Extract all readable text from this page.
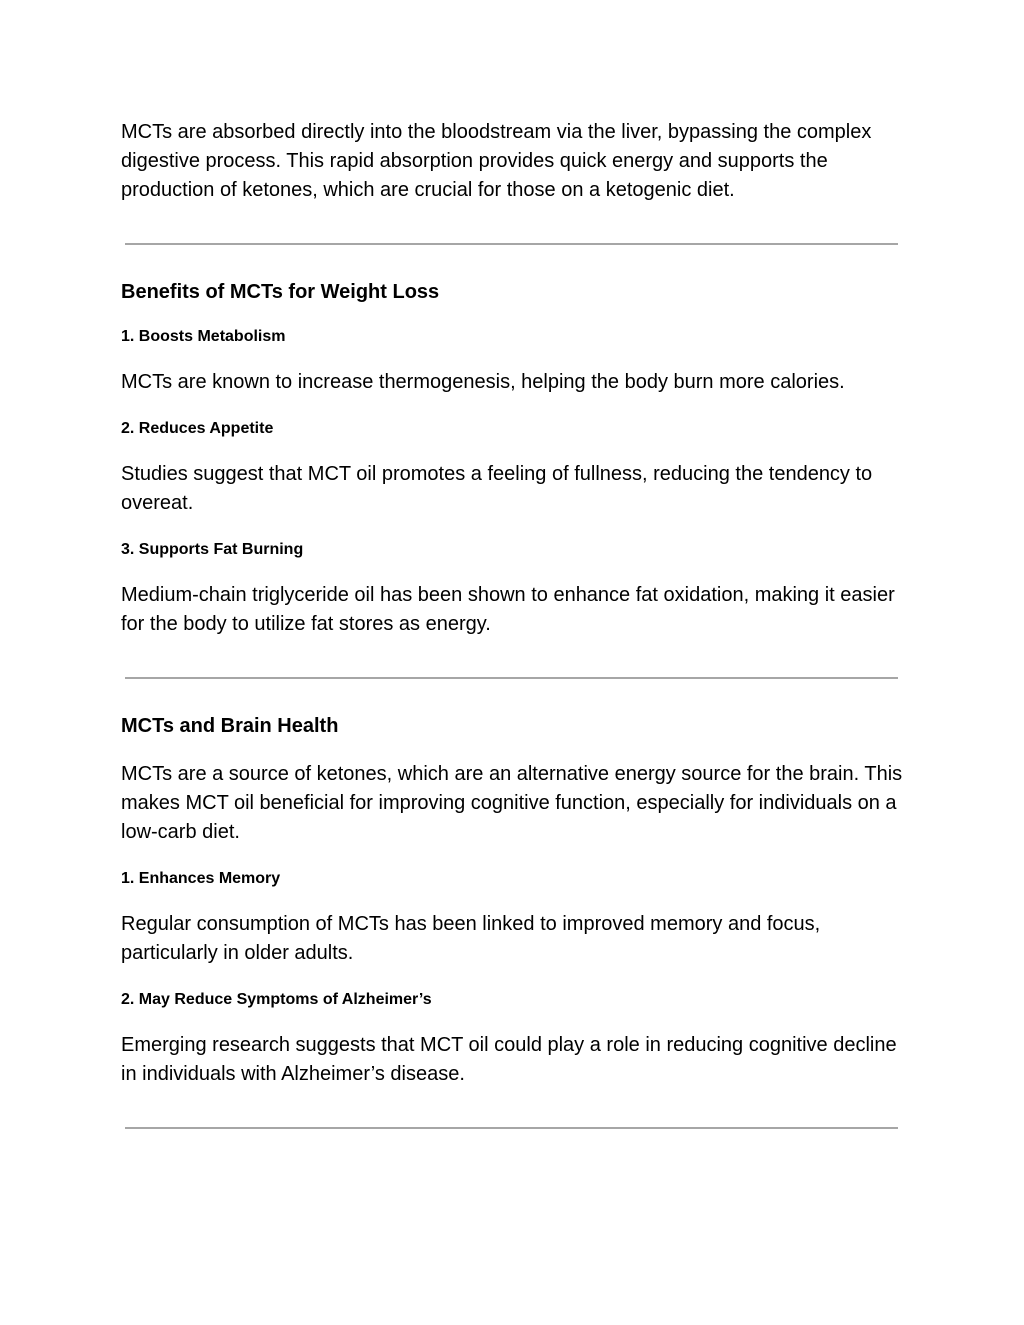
MCTs are absorbed directly into the bloodstream via the liver, bypassing the complex digestive process. This rapid absorption provides quick energy and supports the production of ketones, which are crucial for those on a ketogenic diet.

Benefits of MCTs for Weight Loss
1. Boosts Metabolism

MCTs are known to increase thermogenesis, helping the body burn more calories.

2. Reduces Appetite

Studies suggest that MCT oil promotes a feeling of fullness, reducing the tendency to overeat.

3. Supports Fat Burning

Medium-chain triglyceride oil has been shown to enhance fat oxidation, making it easier for the body to utilize fat stores as energy.

MCTs and Brain Health

MCTs are a source of ketones, which are an alternative energy source for the brain. This makes MCT oil beneficial for improving cognitive function, especially for individuals on a low-carb diet.

1. Enhances Memory

Regular consumption of MCTs has been linked to improved memory and focus, particularly in older adults.

2. May Reduce Symptoms of Alzheimer’s

Emerging research suggests that MCT oil could play a role in reducing cognitive decline in individuals with Alzheimer’s disease.
